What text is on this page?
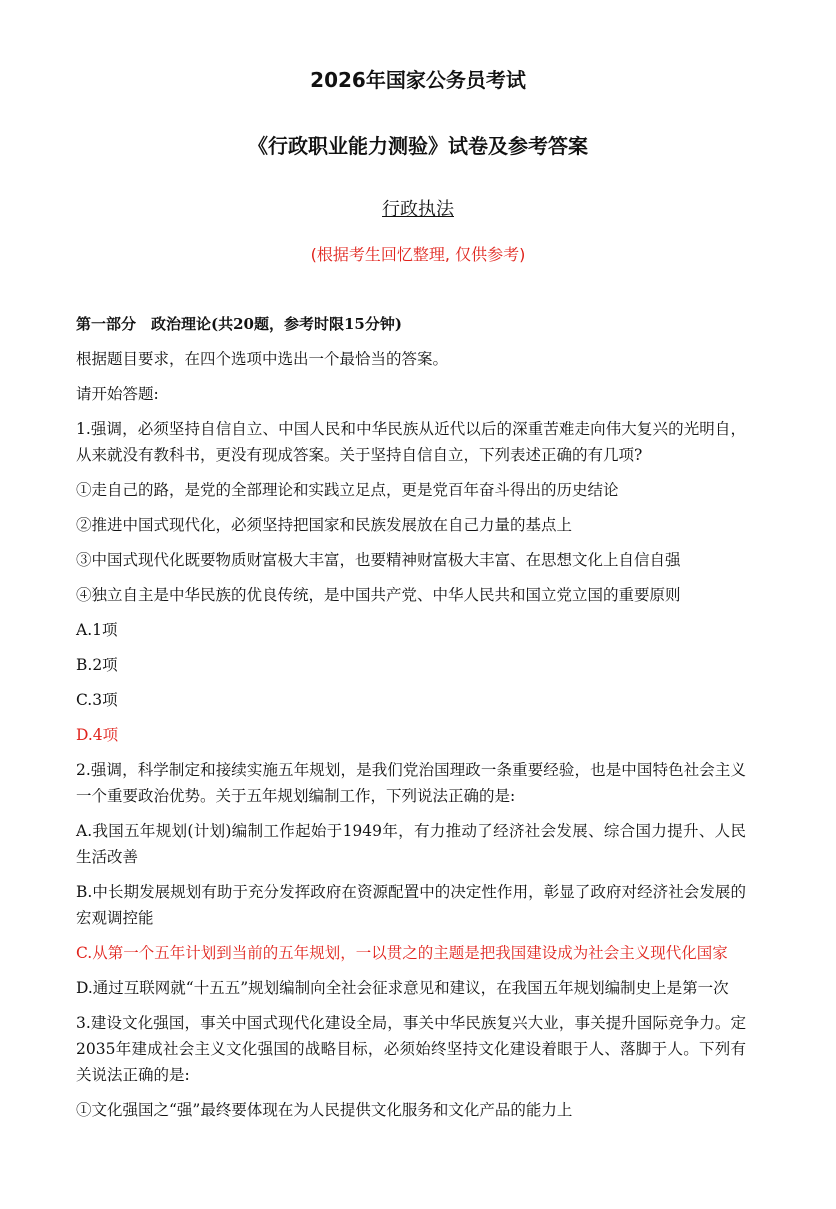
2026年国家公务员考试
《行政职业能力测验》试卷及参考答案
行政执法
(根据考生回忆整理, 仅供参考)

第一部分　政治理论(共20题，参考时限15分钟)

根据题目要求，在四个选项中选出一个最恰当的答案。

请开始答题:

1.强调，必须坚持自信自立、中国人民和中华民族从近代以后的深重苦难走向伟大复兴的光明自，从来就没有教科书，更没有现成答案。关于坚持自信自立，下列表述正确的有几项?

①走自己的路，是党的全部理论和实践立足点，更是党百年奋斗得出的历史结论

②推进中国式现代化，必须坚持把国家和民族发展放在自己力量的基点上

③中国式现代化既要物质财富极大丰富，也要精神财富极大丰富、在思想文化上自信自强

④独立自主是中华民族的优良传统，是中国共产党、中华人民共和国立党立国的重要原则

A.1项

B.2项

C.3项

D.4项

2.强调，科学制定和接续实施五年规划，是我们党治国理政一条重要经验，也是中国特色社会主义一个重要政治优势。关于五年规划编制工作，下列说法正确的是:

A.我国五年规划(计划)编制工作起始于1949年，有力推动了经济社会发展、综合国力提升、人民生活改善

B.中长期发展规划有助于充分发挥政府在资源配置中的决定性作用，彰显了政府对经济社会发展的宏观调控能

C.从第一个五年计划到当前的五年规划，一以贯之的主题是把我国建设成为社会主义现代化国家

D.通过互联网就“十五五”规划编制向全社会征求意见和建议，在我国五年规划编制史上是第一次

3.建设文化强国，事关中国式现代化建设全局，事关中华民族复兴大业，事关提升国际竞争力。定2035年建成社会主义文化强国的战略目标，必须始终坚持文化建设着眼于人、落脚于人。下列有关说法正确的是:

①文化强国之“强”最终要体现在为人民提供文化服务和文化产品的能力上
